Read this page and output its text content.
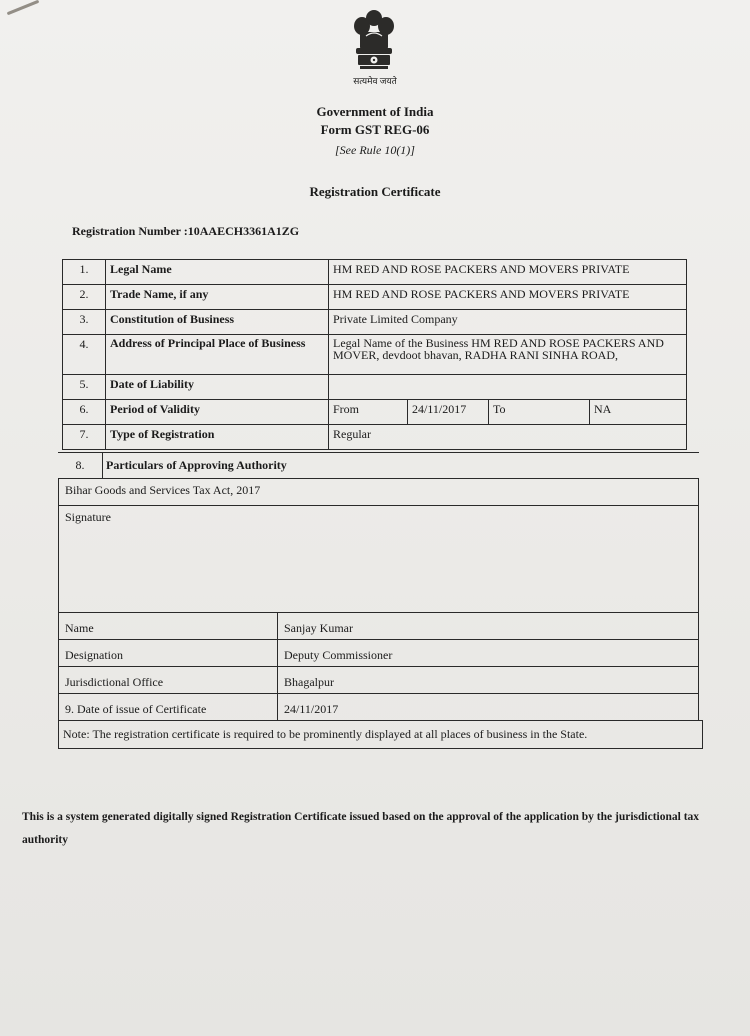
सत्यमेव जयते
Government of India
Form GST REG-06
[See Rule 10(1)]
Registration Certificate
Registration Number :10AAECH3361A1ZG
1.	Legal Name	HM RED AND ROSE PACKERS AND MOVERS PRIVATE			
2.	Trade Name, if any	HM RED AND ROSE PACKERS AND MOVERS PRIVATE			
3.	Constitution of Business	Private Limited Company			
4.	Address of Principal Place of Business	Legal Name of the Business HM RED AND ROSE PACKERS AND MOVER, devdoot bhavan, RADHA RANI SINHA ROAD,			
5.	Date of Liability				
6.	Period of Validity	From	24/11/2017	To	NA
7.	Type of Registration	Regular			
8.	Particulars of Approving Authority
Bihar Goods and Services Tax Act, 2017
Signature
Name	Sanjay Kumar
Designation	Deputy Commissioner
Jurisdictional Office	Bhagalpur
9. Date of issue of Certificate	24/11/2017
Note: The registration certificate is required to be prominently displayed at all places of business in the State.
This is a system generated digitally signed Registration Certificate issued based on the approval of the application by the jurisdictional tax authority
